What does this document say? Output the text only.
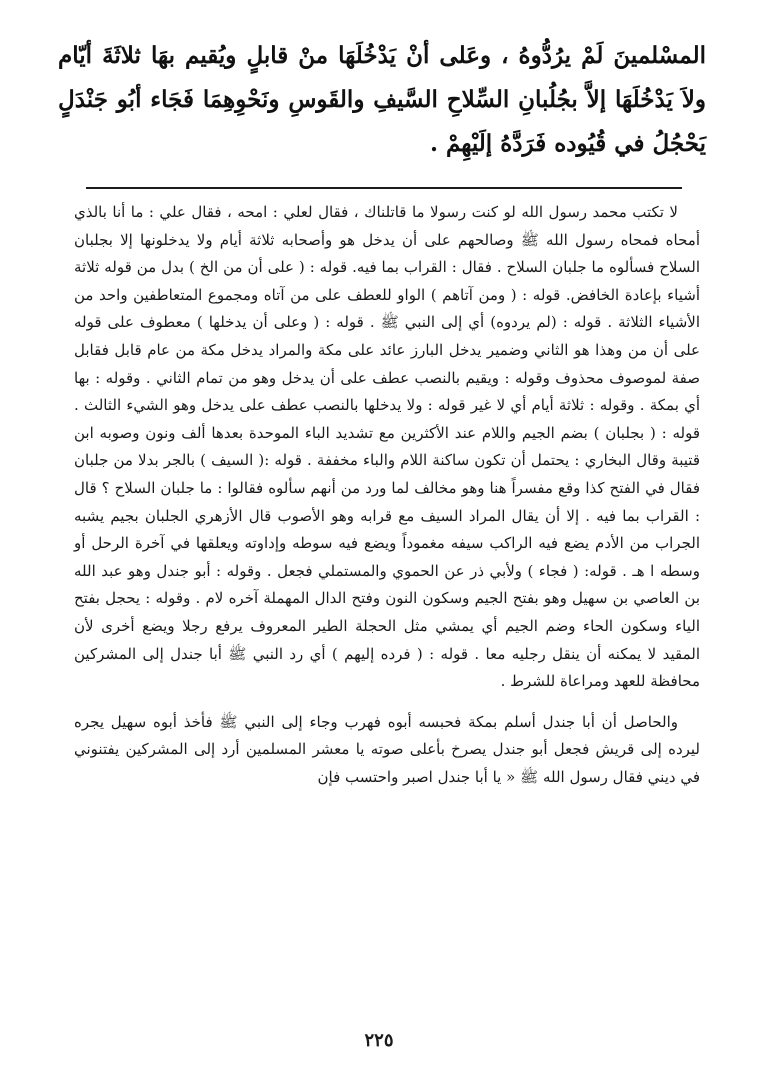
المسْلمينَ لَمْ يرُدُّوهُ ، وعَلى أنْ يَدْخُلَهَا منْ قابلٍ ويُقيم بهَا ثلاثَةَ أيّام ولاَ يَدْخُلَهَا إلاَّ بجُلُبانِ السِّلاحِ السَّيفِ والقَوسِ ونَحْوِهِمَا فَجَاء أبُو جَنْدَلٍ يَحْجُلُ في قُيُوده فَرَدَّهُ إلَيْهِمْ .

لا تكتب محمد رسول الله لو كنت رسولا ما قاتلناك ، فقال لعلي : امحه ، فقال علي : ما أنا بالذي أمحاه فمحاه رسول الله ﷺ وصالحهم على أن يدخل هو وأصحابه ثلاثة أيام ولا يدخلونها إلا بجلبان السلاح فسألوه ما جلبان السلاح . فقال : القراب بما فيه. قوله : ( على أن من الخ ) بدل من قوله ثلاثة أشياء بإعادة الخافض. قوله : ( ومن آتاهم ) الواو للعطف على من آتاه ومجموع المتعاطفين واحد من الأشياء الثلاثة . قوله : (لم يردوه) أي إلى النبي ﷺ . قوله : ( وعلى أن يدخلها ) معطوف على قوله على أن من وهذا هو الثاني وضمير يدخل البارز عائد على مكة والمراد يدخل مكة من عام قابل فقابل صفة لموصوف محذوف وقوله : ويقيم بالنصب عطف على أن يدخل وهو من تمام الثاني . وقوله : بها أي بمكة . وقوله : ثلاثة أيام أي لا غير قوله : ولا يدخلها بالنصب عطف على يدخل وهو الشيء الثالث . قوله : ( بجلبان ) بضم الجيم واللام عند الأكثرين مع تشديد الباء الموحدة بعدها ألف ونون وصوبه ابن قتيبة وقال البخاري : يحتمل أن تكون ساكنة اللام والباء مخففة . قوله :( السيف ) بالجر بدلا من جلبان فقال في الفتح كذا وقع مفسراً هنا وهو مخالف لما ورد من أنهم سألوه فقالوا : ما جلبان السلاح ؟ قال : القراب بما فيه . إلا أن يقال المراد السيف مع قرابه وهو الأصوب قال الأزهري الجلبان بجيم يشبه الجراب من الأدم يضع فيه الراكب سيفه مغموداً ويضع فيه سوطه وإداوته ويعلقها في آخرة الرحل أو وسطه ا هـ . قوله: ( فجاء ) ولأبي ذر عن الحموي والمستملي فجعل . وقوله : أبو جندل وهو عبد الله بن العاصي بن سهيل وهو بفتح الجيم وسكون النون وفتح الدال المهملة آخره لام . وقوله : يحجل بفتح الياء وسكون الحاء وضم الجيم أي يمشي مثل الحجلة الطير المعروف يرفع رجلا ويضع أخرى لأن المقيد لا يمكنه أن ينقل رجليه معا . قوله : ( فرده إليهم ) أي رد النبي ﷺ أبا جندل إلى المشركين محافظة للعهد ومراعاة للشرط .

والحاصل أن أبا جندل أسلم بمكة فحبسه أبوه فهرب وجاء إلى النبي ﷺ فأخذ أبوه سهيل يجره ليرده إلى قريش فجعل أبو جندل يصرخ بأعلى صوته يا معشر المسلمين أرد إلى المشركين يفتنوني في ديني فقال رسول الله ﷺ « يا أبا جندل اصبر واحتسب فإن

٢٢٥
